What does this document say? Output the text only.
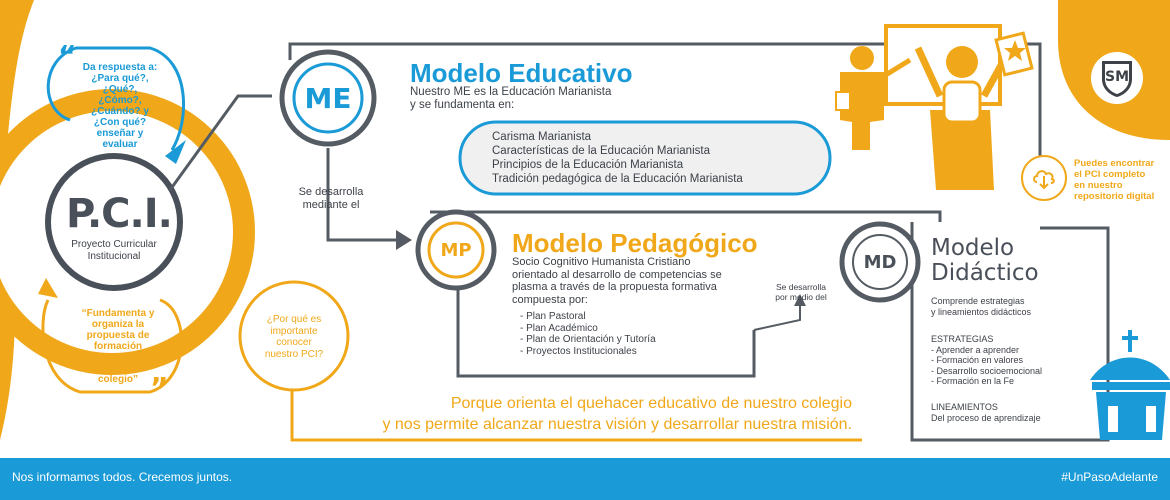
“ Da respuesta a:
¿Para qué?,
¿Qué?, ¿Cómo?,
¿Cuándo? y
¿Con qué?
enseñar y
evaluar
P.C.I.
Proyecto Curricular
Institucional
“Fundamenta y
organiza la
propuesta de
formación
integral de
nuestro
colegio” ”
ME
Modelo Educativo
Nuestro ME es la Educación Marianista
y se fundamenta en:
Carisma Marianista
Características de la Educación Marianista
Principios de la Educación Marianista
Tradición pedagógica de la Educación Marianista
Se desarrolla
mediante el
MP	Modelo Pedagógico
Socio Cognitivo Humanista Cristiano
orientado al desarrollo de competencias se
plasma a través de la propuesta formativa
compuesta por:
- Plan Pastoral
- Plan Académico
- Plan de Orientación y Tutoría
- Proyectos Institucionales
Se desarrolla
por medio del
MD
Modelo
Didáctico
Comprende estrategias
y lineamientos didácticos
ESTRATEGIAS
- Aprender a aprender
- Formación en valores
- Desarrollo socioemocional
- Formación en la Fe
LINEAMIENTOS
Del proceso de aprendizaje
¿Por qué es
importante
conocer
nuestro PCI?
Porque orienta el quehacer educativo de nuestro colegio
y nos permite alcanzar nuestra visión y desarrollar nuestra misión.
Puedes encontrar
el PCI completo
en nuestro
repositorio digital
SM
Nos informamos todos. Crecemos juntos.	#UnPasoAdelante
